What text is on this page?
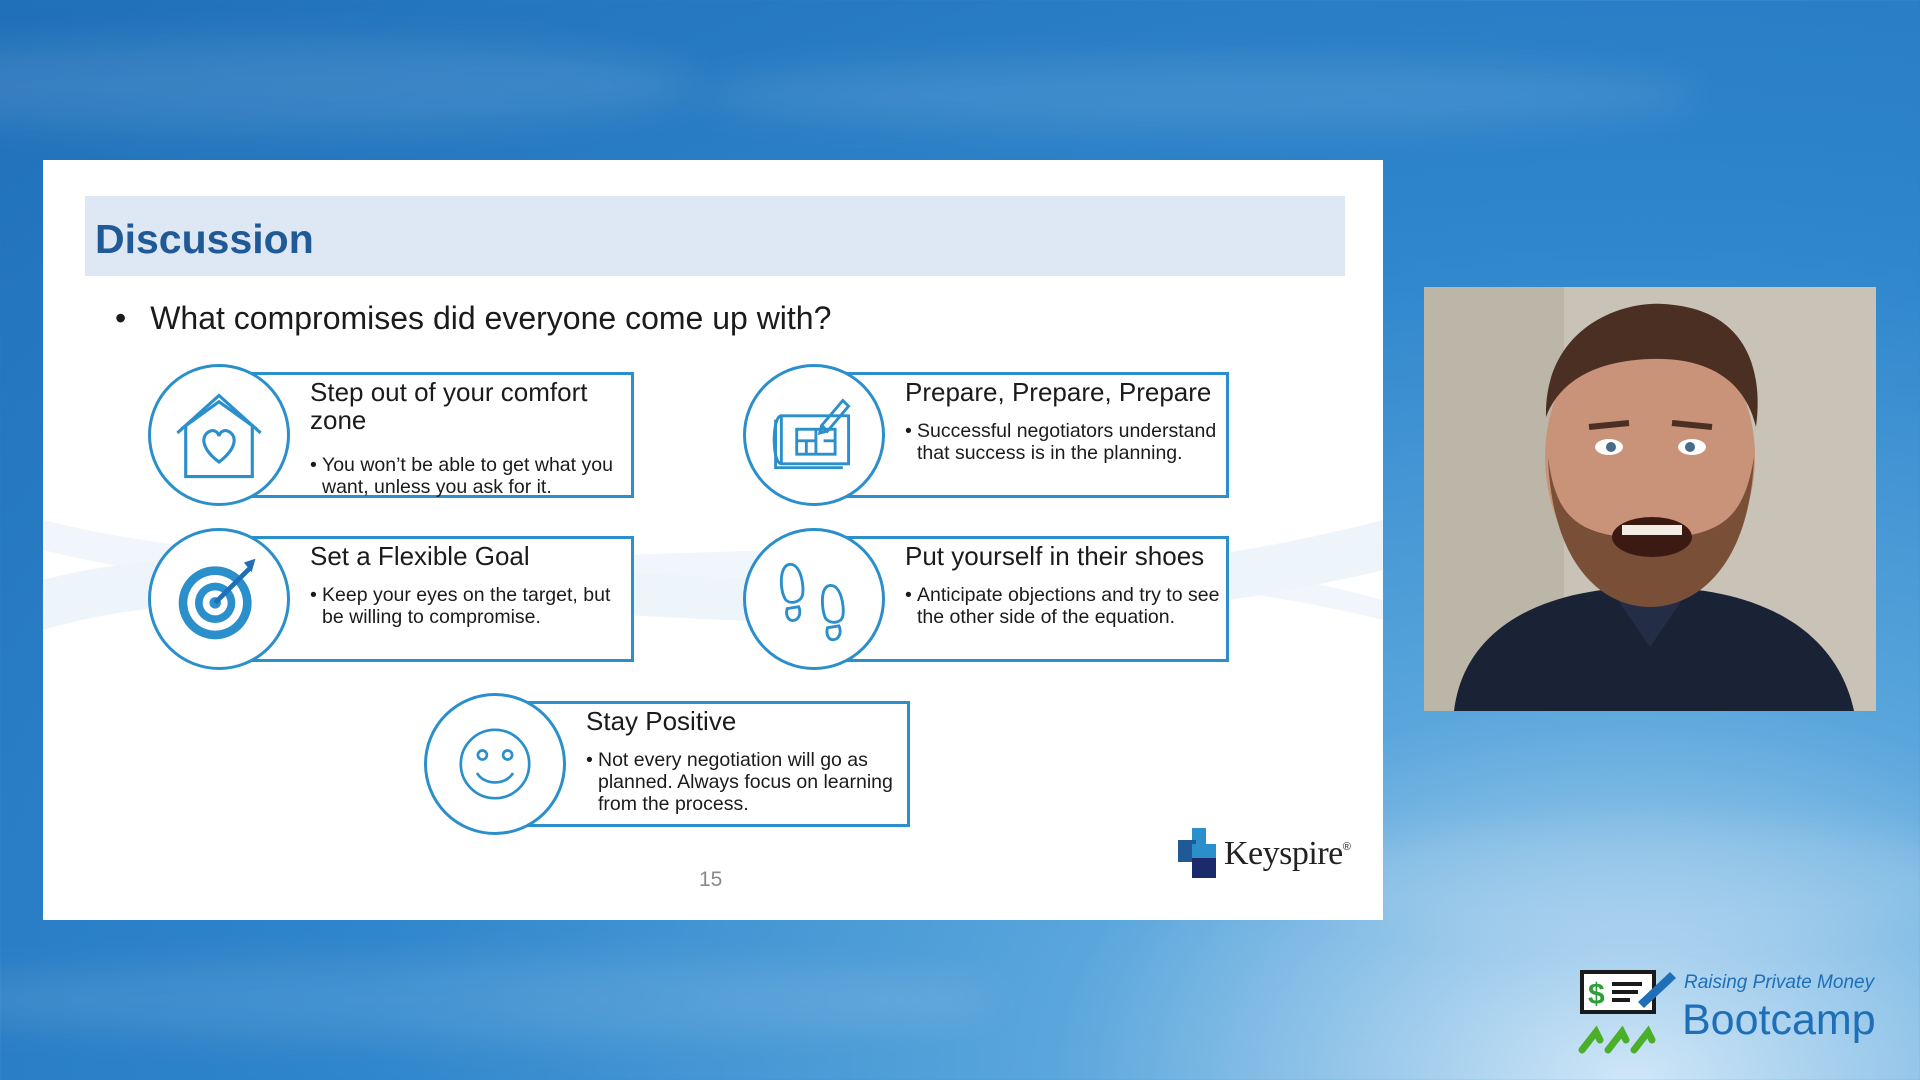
Discussion
• What compromises did everyone come up with?
Step out of your comfort zone
• You won’t be able to get what you want, unless you ask for it.
Prepare, Prepare, Prepare
• Successful negotiators understand that success is in the planning.
Set a Flexible Goal
• Keep your eyes on the target, but be willing to compromise.
Put yourself in their shoes
• Anticipate objections and try to see the other side of the equation.
Stay Positive
• Not every negotiation will go as planned. Always focus on learning from the process.
15
Keyspire ®
$	Raising Private Money
Bootcamp
